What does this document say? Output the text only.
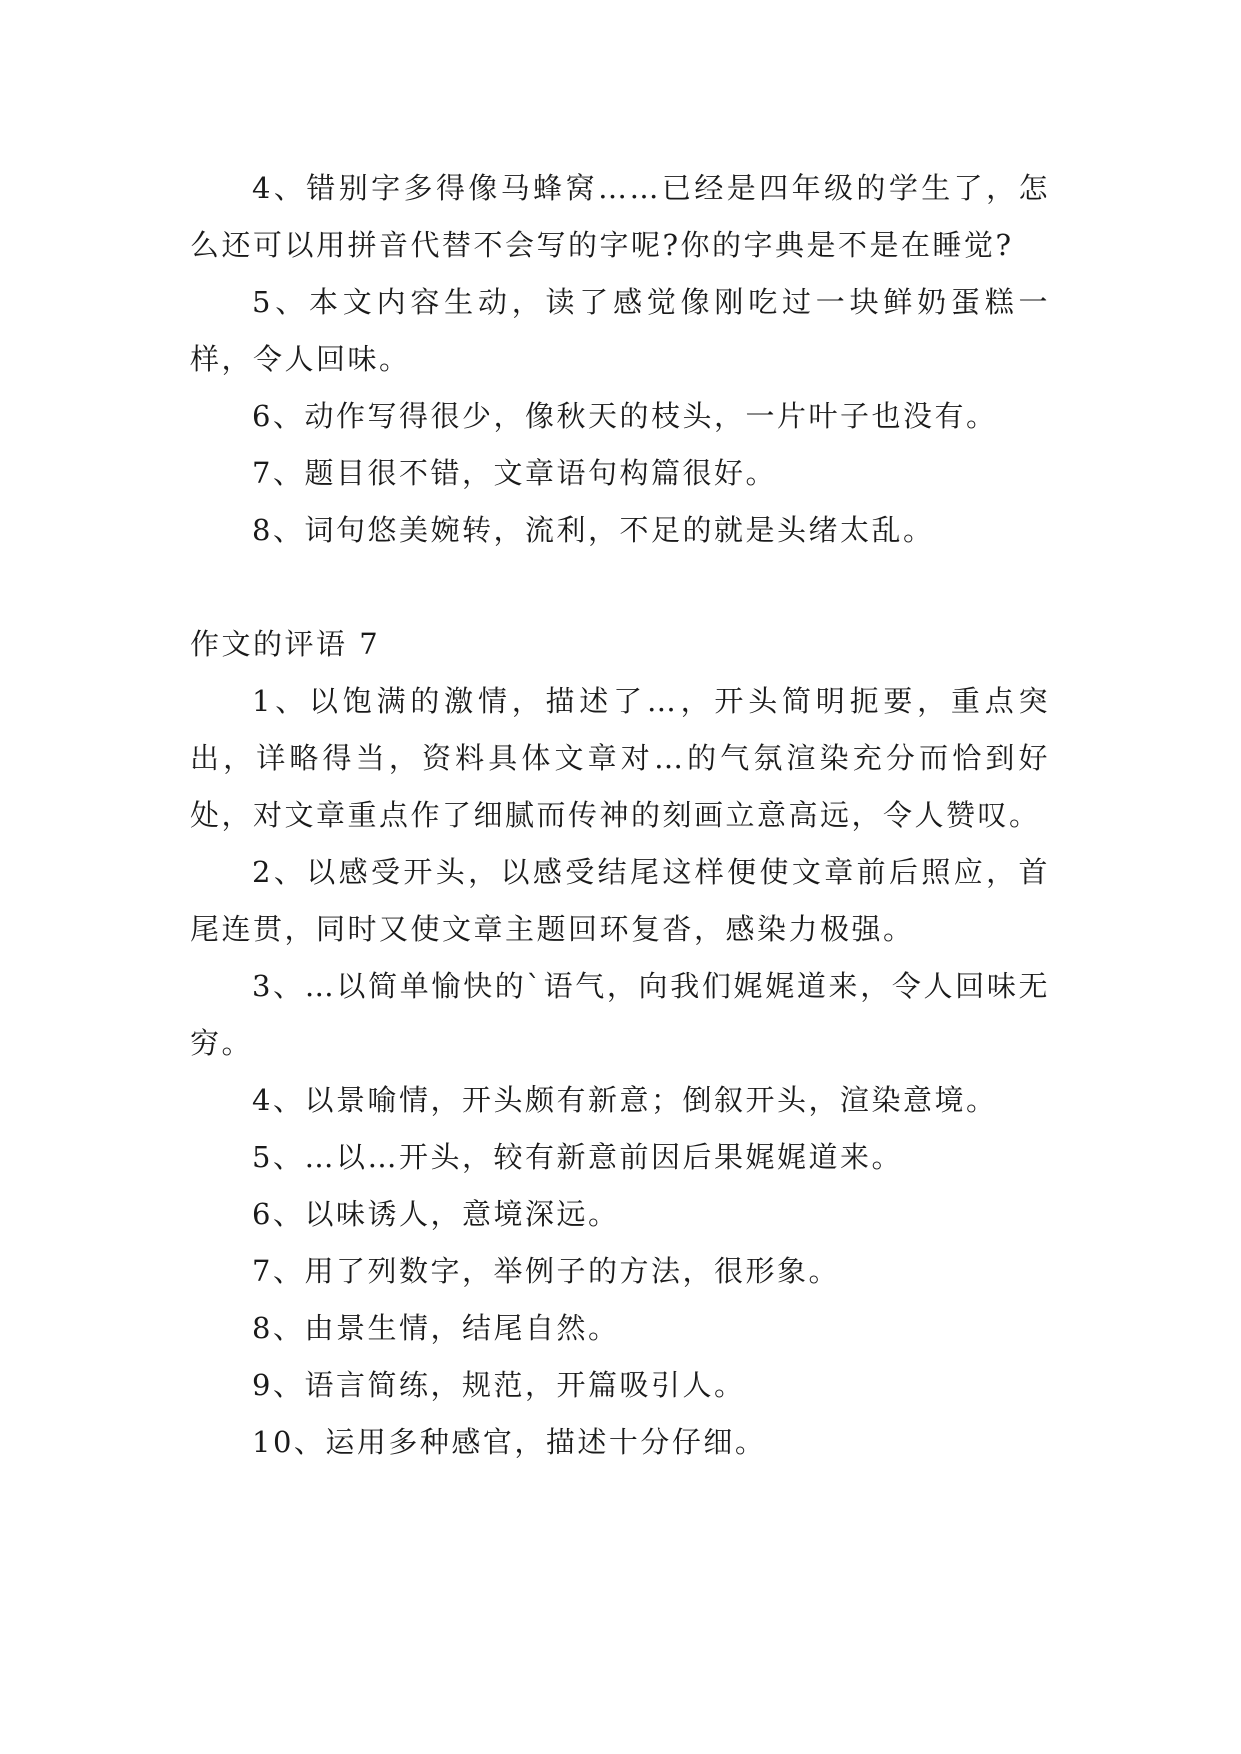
4、错别字多得像马蜂窝……已经是四年级的学生了，怎么还可以用拼音代替不会写的字呢?你的字典是不是在睡觉?

5、本文内容生动，读了感觉像刚吃过一块鲜奶蛋糕一样，令人回味。

6、动作写得很少，像秋天的枝头，一片叶子也没有。

7、题目很不错，文章语句构篇很好。

8、词句悠美婉转，流利，不足的就是头绪太乱。

作文的评语 7

1、以饱满的激情，描述了…，开头简明扼要，重点突出，详略得当，资料具体文章对…的气氛渲染充分而恰到好处，对文章重点作了细腻而传神的刻画立意高远，令人赞叹。

2、以感受开头，以感受结尾这样便使文章前后照应，首尾连贯，同时又使文章主题回环复沓，感染力极强。

3、…以简单愉快的`语气，向我们娓娓道来，令人回味无穷。

4、以景喻情，开头颇有新意；倒叙开头，渲染意境。

5、…以…开头，较有新意前因后果娓娓道来。

6、以味诱人，意境深远。

7、用了列数字，举例子的方法，很形象。

8、由景生情，结尾自然。

9、语言简练，规范，开篇吸引人。

10、运用多种感官，描述十分仔细。
